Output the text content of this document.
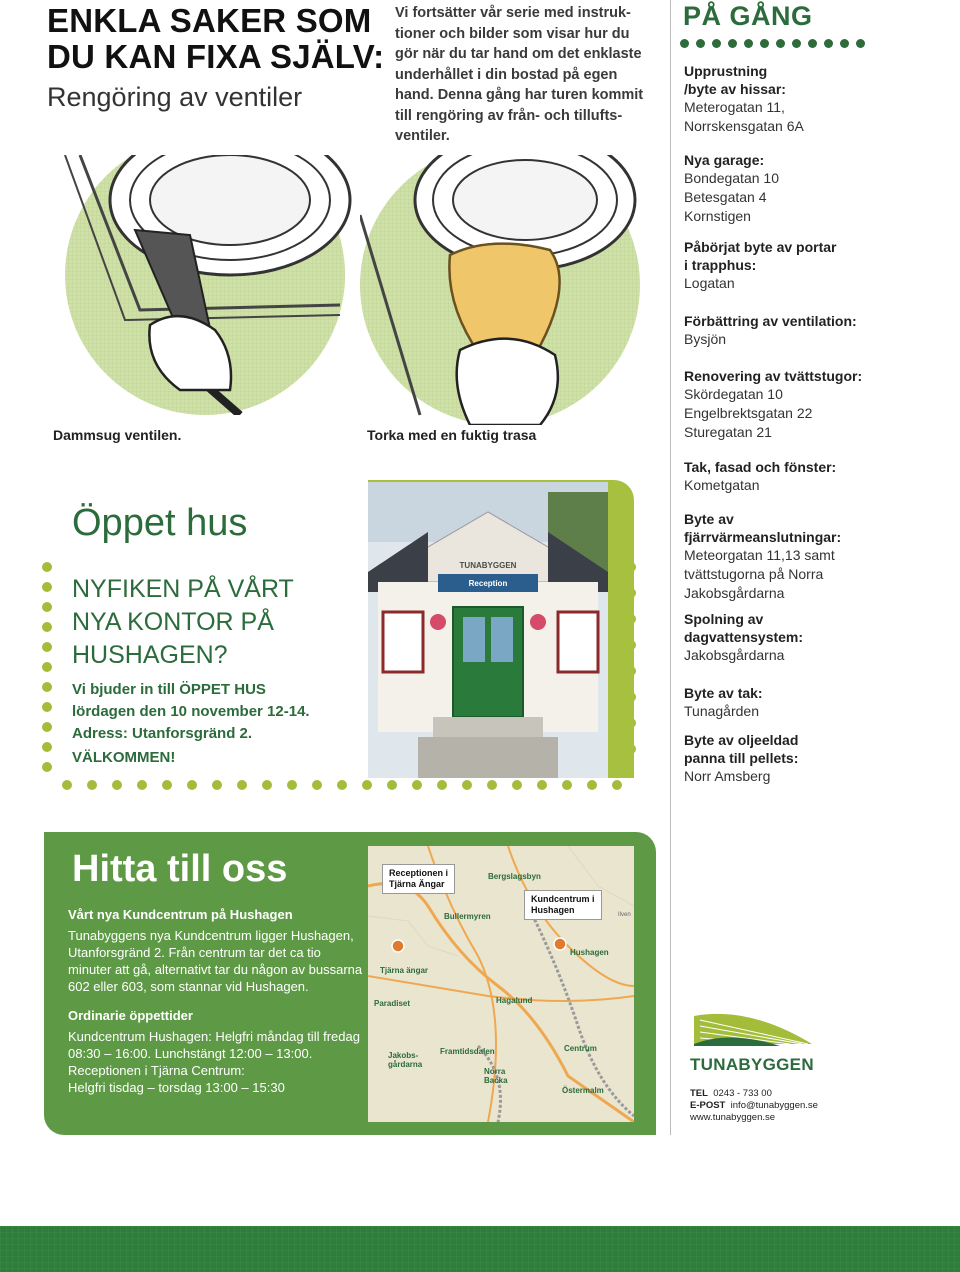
ENKLA SAKER SOM
DU KAN FIXA SJÄLV:
Rengöring av ventiler
Vi fortsätter vår serie med instruk-
tioner och bilder som visar hur du
gör när du tar hand om det enklaste
underhållet i din bostad på egen
hand. Denna gång har turen kommit
till rengöring av från- och tillufts-
ventiler.
Dammsug ventilen.	Torka med en fuktig trasa
PÅ GÅNG
Upprustning
/byte av hissar:

Meterogatan 11,

Norrskensgatan 6A

Nya garage:

Bondegatan 10

Betesgatan 4

Kornstigen

Påbörjat byte av portar
i trapphus:

Logatan

Förbättring av ventilation:

Bysjön

Renovering av tvättstugor:

Skördegatan 10

Engelbrektsgatan 22

Sturegatan 21

Tak, fasad och fönster:

Kometgatan

Byte av
fjärrvärmeanslutningar:

Meteorgatan 11,13 samt

tvättstugorna på Norra

Jakobsgårdarna

Spolning av
dagvattensystem:

Jakobsgårdarna

Byte av tak:

Tunagården

Byte av oljeeldad
panna till pellets:

Norr Amsberg

Öppet hus
NYFIKEN PÅ VÅRT
NYA KONTOR PÅ
HUSHAGEN?
Vi bjuder in till ÖPPET HUS
lördagen den 10 november 12-14.
Adress: Utanforsgränd 2.
VÄLKOMMEN!
Reception
TUNABYGGEN
Hitta till oss

Vårt nya Kundcentrum på Hushagen

Tunabyggens nya Kundcentrum ligger Hushagen,

Utanforsgränd 2. Från centrum tar det ca tio

minuter att gå, alternativt tar du någon av bussarna

602 eller 603, som stannar vid Hushagen.

Ordinarie öppettider

Kundcentrum Hushagen: Helgfri måndag till fredag

08:30 – 16:00. Lunchstängt 12:00 – 13:00.

Receptionen i Tjärna Centrum:

Helgfri tisdag – torsdag 13:00 – 15:30

Receptionen i
Tjärna Ängar
Kundcentrum i
Hushagen
Bergslagsbyn
Bullermyren
Hushagen
Tjärna ängar
Paradiset	Hagalund
Jakobs-
gårdarna
Framtidsdalen
Norra
Backa
Centrum
Östermalm
Ilven
TUNABYGGEN
TEL 0243 - 733 00
E-POST info@tunabyggen.se
www.tunabyggen.se
